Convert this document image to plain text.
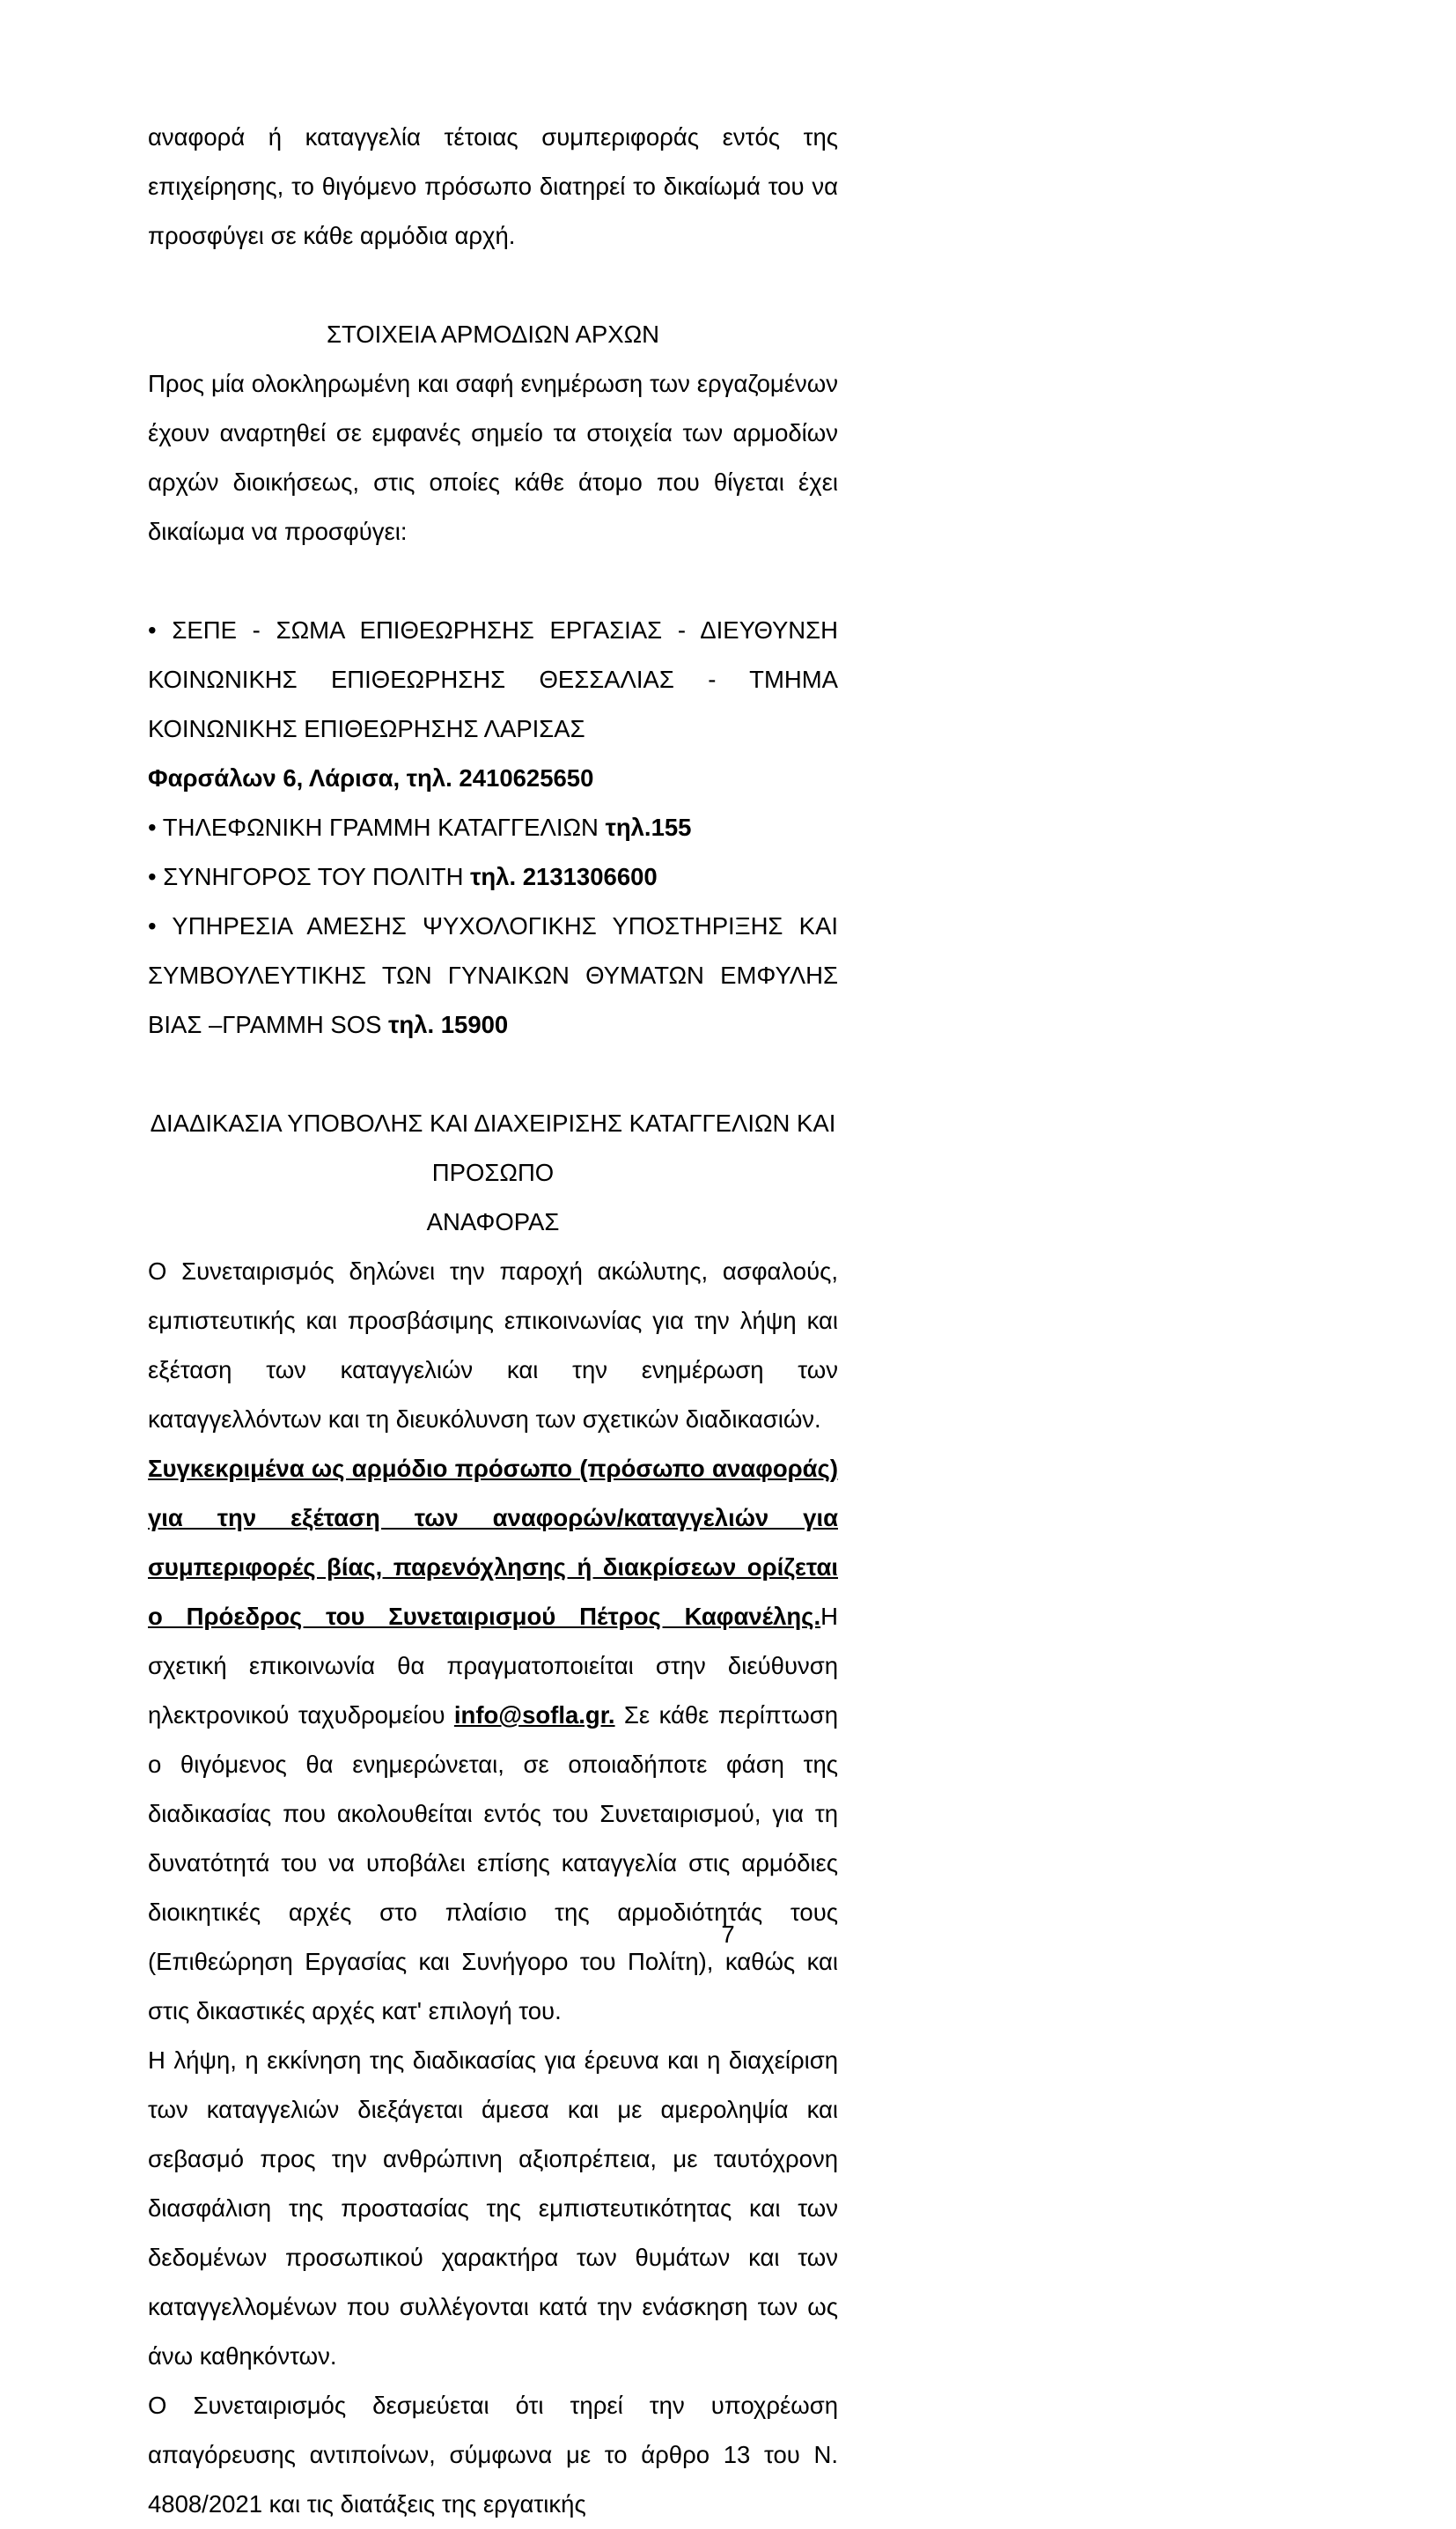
αναφορά ή καταγγελία τέτοιας συμπεριφοράς εντός της επιχείρησης, το θιγόμενο πρόσωπο διατηρεί το δικαίωμά του να προσφύγει σε κάθε αρμόδια αρχή.

ΣΤΟΙΧΕΙΑ ΑΡΜΟΔΙΩΝ ΑΡΧΩΝ

Προς μία ολοκληρωμένη και σαφή ενημέρωση των εργαζομένων έχουν αναρτηθεί σε εμφανές σημείο τα στοιχεία των αρμοδίων αρχών διοικήσεως, στις οποίες κάθε άτομο που θίγεται έχει δικαίωμα να προσφύγει:

• ΣΕΠΕ - ΣΩΜΑ ΕΠΙΘΕΩΡΗΣΗΣ ΕΡΓΑΣΙΑΣ - ΔΙΕΥΘΥΝΣΗ ΚΟΙΝΩΝΙΚΗΣ ΕΠΙΘΕΩΡΗΣΗΣ ΘΕΣΣΑΛΙΑΣ - ΤΜΗΜΑ ΚΟΙΝΩΝΙΚΗΣ ΕΠΙΘΕΩΡΗΣΗΣ ΛΑΡΙΣΑΣ

Φαρσάλων 6, Λάρισα, τηλ. 2410625650

• ΤΗΛΕΦΩΝΙΚΗ ΓΡΑΜΜΗ ΚΑΤΑΓΓΕΛΙΩΝ τηλ.155

• ΣΥΝΗΓΟΡΟΣ ΤΟΥ ΠΟΛΙΤΗ τηλ. 2131306600

• ΥΠΗΡΕΣΙΑ ΑΜΕΣΗΣ ΨΥΧΟΛΟΓΙΚΗΣ ΥΠΟΣΤΗΡΙΞΗΣ ΚΑΙ ΣΥΜΒΟΥΛΕΥΤΙΚΗΣ ΤΩΝ ΓΥΝΑΙΚΩΝ ΘΥΜΑΤΩΝ ΕΜΦΥΛΗΣ ΒΙΑΣ –ΓΡΑΜΜΗ SOS τηλ. 15900

ΔΙΑΔΙΚΑΣΙΑ ΥΠΟΒΟΛΗΣ ΚΑΙ ΔΙΑΧΕΙΡΙΣΗΣ ΚΑΤΑΓΓΕΛΙΩΝ ΚΑΙ ΠΡΟΣΩΠΟ

ΑΝΑΦΟΡΑΣ

Ο Συνεταιρισμός δηλώνει την παροχή ακώλυτης, ασφαλούς, εμπιστευτικής και προσβάσιμης επικοινωνίας για την λήψη και εξέταση των καταγγελιών και την ενημέρωση των καταγγελλόντων και τη διευκόλυνση των σχετικών διαδικασιών.

Συγκεκριμένα ως αρμόδιο πρόσωπο (πρόσωπο αναφοράς) για την εξέταση των αναφορών/καταγγελιών για συμπεριφορές βίας, παρενόχλησης ή διακρίσεων ορίζεται ο Πρόεδρος του Συνεταιρισμού Πέτρος Καφανέλης.Η σχετική επικοινωνία θα πραγματοποιείται στην διεύθυνση ηλεκτρονικού ταχυδρομείου info@sofla.gr. Σε κάθε περίπτωση ο θιγόμενος θα ενημερώνεται, σε οποιαδήποτε φάση της διαδικασίας που ακολουθείται εντός του Συνεταιρισμού, για τη δυνατότητά του να υποβάλει επίσης καταγγελία στις αρμόδιες διοικητικές αρχές στο πλαίσιο της αρμοδιότητάς τους (Επιθεώρηση Εργασίας και Συνήγορο του Πολίτη), καθώς και στις δικαστικές αρχές κατ' επιλογή του.

Η λήψη, η εκκίνηση της διαδικασίας για έρευνα και η διαχείριση των καταγγελιών διεξάγεται άμεσα και με αμεροληψία και σεβασμό προς την ανθρώπινη αξιοπρέπεια, με ταυτόχρονη διασφάλιση της προστασίας της εμπιστευτικότητας και των δεδομένων προσωπικού χαρακτήρα των θυμάτων και των καταγγελλομένων που συλλέγονται κατά την ενάσκηση των ως άνω καθηκόντων.

Ο Συνεταιρισμός δεσμεύεται ότι τηρεί την υποχρέωση απαγόρευσης αντιποίνων, σύμφωνα με το άρθρο 13 του Ν. 4808/2021 και τις διατάξεις της εργατικής

7
